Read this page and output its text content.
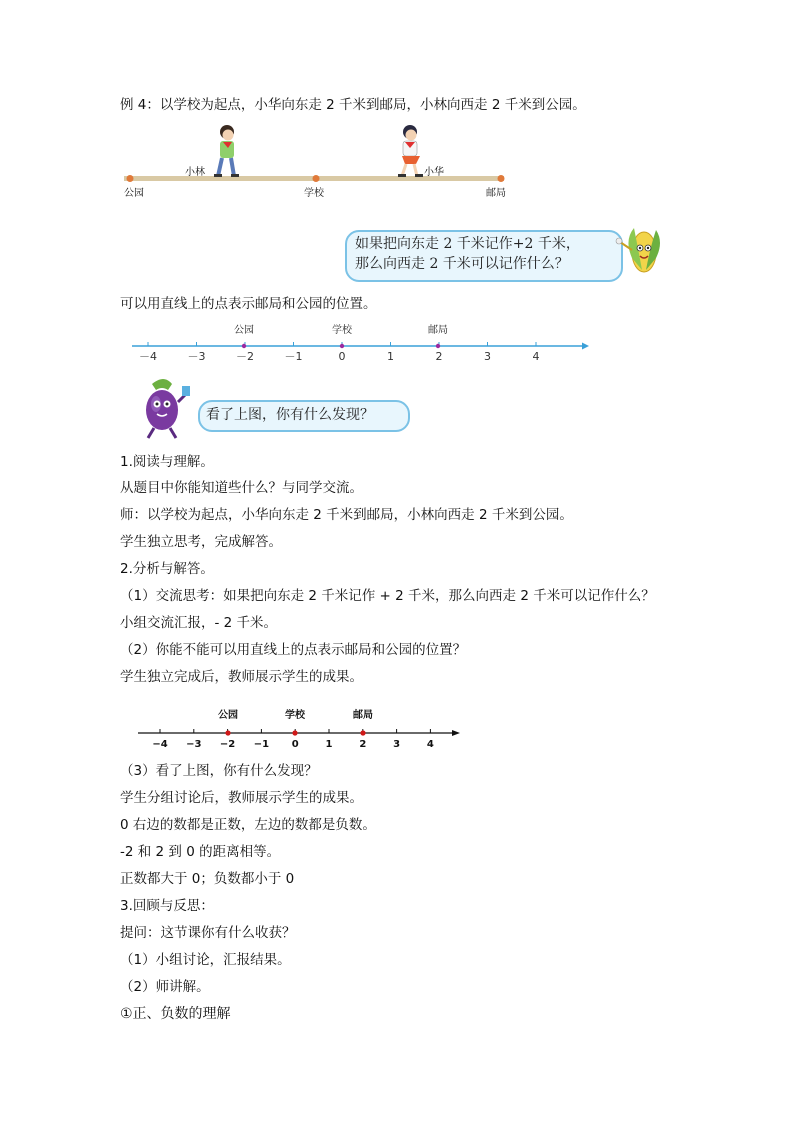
例 4：以学校为起点，小华向东走 2 千米到邮局，小林向西走 2 千米到公园。
小林	小华
公园	学校	邮局
如果把向东走 2 千米记作+2 千米，
那么向西走 2 千米可以记作什么？
可以用直线上的点表示邮局和公园的位置。
公园	学校	邮局
－4	－3	－2	－1	0	1	2	3	4
看了上图，你有什么发现？
1.阅读与理解。
从题目中你能知道些什么？与同学交流。
师：以学校为起点，小华向东走 2 千米到邮局，小林向西走 2 千米到公园。
学生独立思考，完成解答。
2.分析与解答。
（1）交流思考：如果把向东走 2 千米记作 + 2 千米，那么向西走 2 千米可以记作什么？
小组交流汇报，- 2 千米。
（2）你能不能可以用直线上的点表示邮局和公园的位置？
学生独立完成后，教师展示学生的成果。
公园	学校	邮局
−4 −3 −2 −1 0	1	2	3	4
（3）看了上图，你有什么发现？
学生分组讨论后，教师展示学生的成果。
0 右边的数都是正数，左边的数都是负数。
-2 和 2 到 0 的距离相等。
正数都大于 0；负数都小于 0
3.回顾与反思：
提问：这节课你有什么收获？
（1）小组讨论，汇报结果。
（2）师讲解。
①正、负数的理解
